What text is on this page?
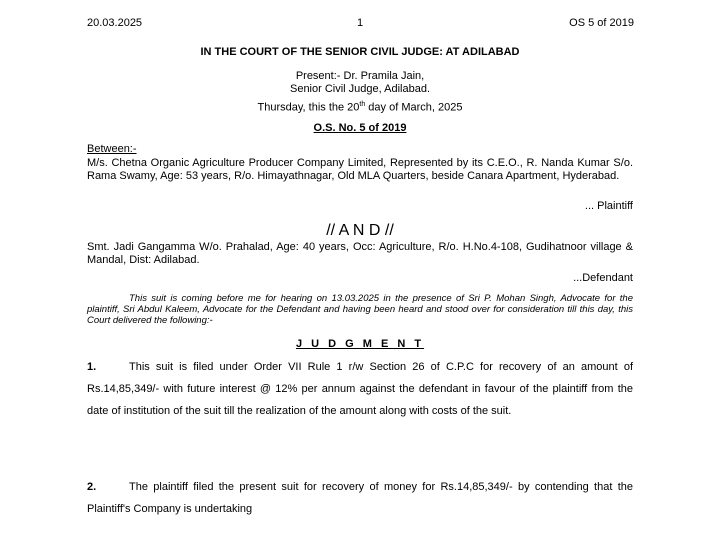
20.03.2025	1	OS 5 of 2019
IN THE COURT OF THE SENIOR CIVIL JUDGE: AT ADILABAD
Present:- Dr. Pramila Jain,
Senior Civil Judge, Adilabad.
Thursday, this the 20th day of March, 2025
O.S. No. 5 of 2019
Between:-
M/s. Chetna Organic Agriculture Producer Company Limited, Represented by its C.E.O., R. Nanda Kumar S/o. Rama Swamy, Age: 53 years, R/o. Himayathnagar, Old MLA Quarters, beside Canara Apartment, Hyderabad.
... Plaintiff
// A N D //
Smt. Jadi Gangamma W/o. Prahalad, Age: 40 years, Occ: Agriculture, R/o. H.No.4-108, Gudihatnoor village & Mandal, Dist: Adilabad.
...Defendant
This suit is coming before me for hearing on 13.03.2025 in the presence of Sri P. Mohan Singh, Advocate for the plaintiff, Sri Abdul Kaleem, Advocate for the Defendant and having been heard and stood over for consideration till this day, this Court delivered the following:-
J U D G M E N T
1.	This suit is filed under Order VII Rule 1 r/w Section 26 of C.P.C for recovery of an amount of Rs.14,85,349/- with future interest @ 12% per annum against the defendant in favour of the plaintiff from the date of institution of the suit till the realization of the amount along with costs of the suit.
2.	The plaintiff filed the present suit for recovery of money for Rs.14,85,349/- by contending that the Plaintiff's Company is undertaking
